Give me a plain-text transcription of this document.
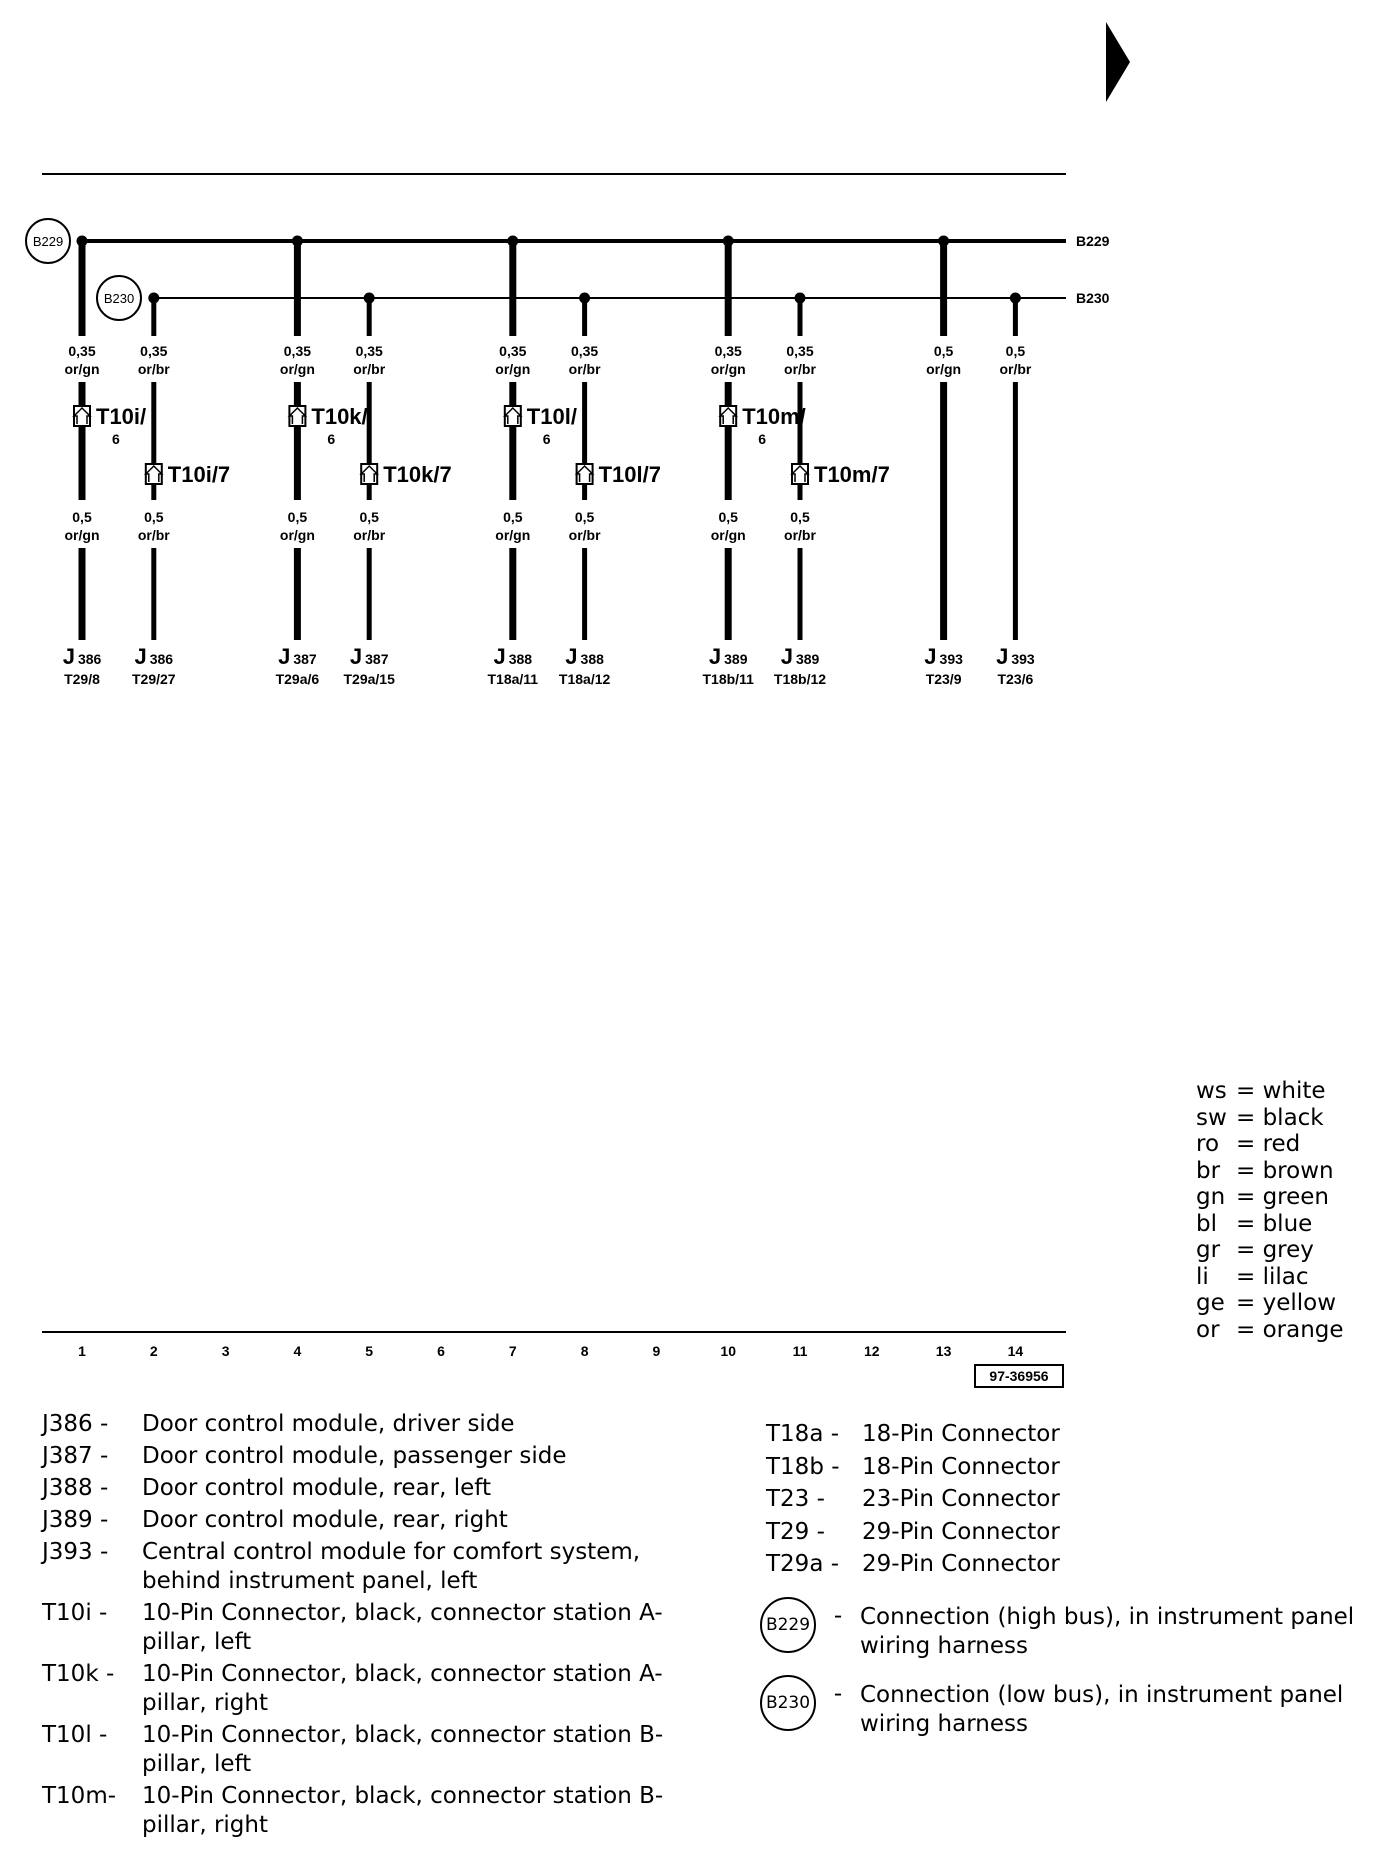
B229
B229
B230
B230
0,35
or/gn
T10i/
6
0,5
or/gn
J 386
T29/8
0,35
or/br
T10i/7
0,5
or/br
J 386
T29/27
0,35
or/gn
T10k/
6
0,5
or/gn
J 387
T29a/6
0,35
or/br
T10k/7
0,5
or/br
J 387
T29a/15
0,35
or/gn
T10l/
6
0,5
or/gn
J 388
T18a/11
0,35
or/br
T10l/7
0,5
or/br
J 388
T18a/12
0,35
or/gn
T10m/
6
0,5
or/gn
J 389
T18b/11
0,35
or/br
T10m/7
0,5
or/br
J 389
T18b/12
0,5
or/gn
J 393
T23/9
0,5
or/br
J 393
T23/6
1	2	3	4	5	6	7	8	9	10	11	12	13	14
97-36956
ws = white
sw = black
ro = red
br = brown
gn = green
bl = blue
gr = grey
li	= lilac
ge = yellow
or = orange
J386 -	Door control module, driver side
J387 -	Door control module, passenger side
J388 -	Door control module, rear, left
J389 -	Door control module, rear, right
J393 -	Central control module for comfort system, behind instrument panel, left
T10i -	10-Pin Connector, black, connector station A-pillar, left
T10k -	10-Pin Connector, black, connector station A-pillar, right
T10l -	10-Pin Connector, black, connector station B-pillar, left
T10m-	10-Pin Connector, black, connector station B-pillar, right
T18a - 18-Pin Connector
T18b - 18-Pin Connector
T23 -	23-Pin Connector
T29 -	29-Pin Connector
T29a - 29-Pin Connector
B229	- Connection (high bus), in instrument panel wiring harness
B230	- Connection (low bus), in instrument panel wiring harness
